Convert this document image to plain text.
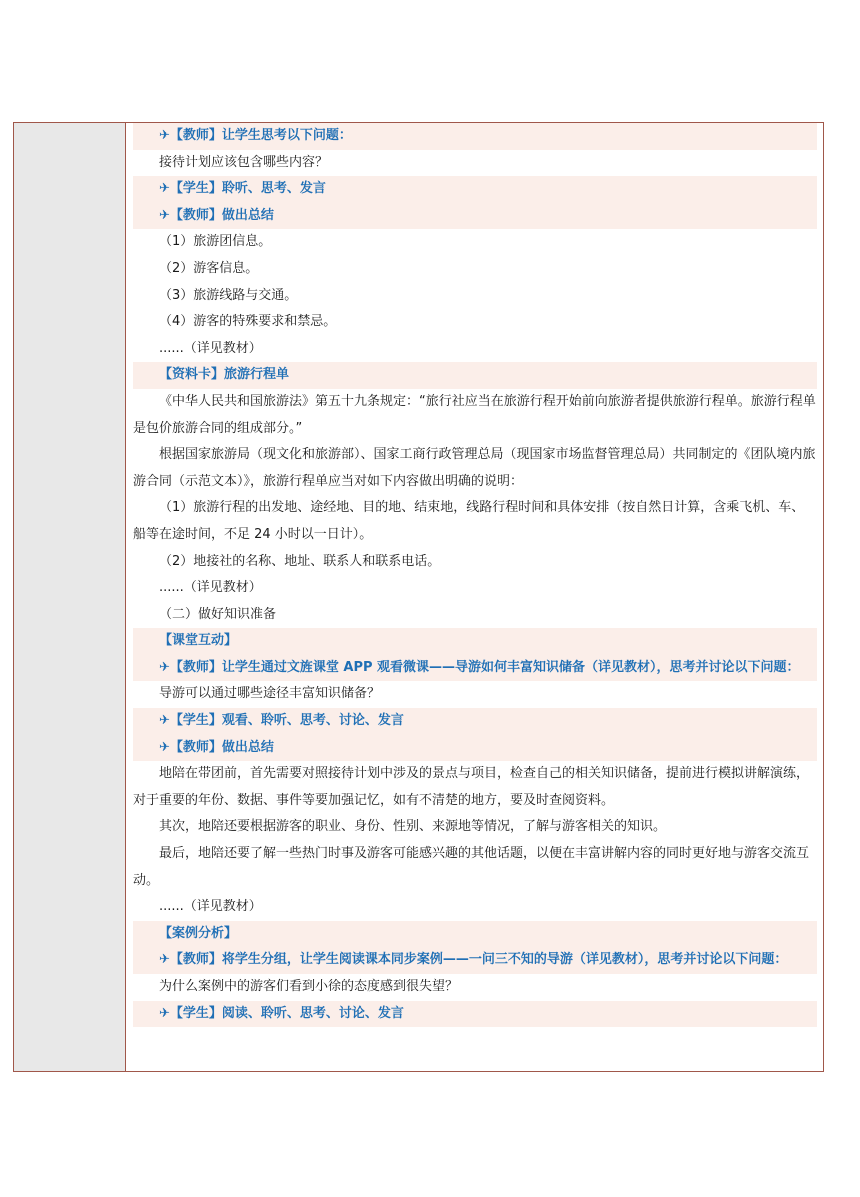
✈【教师】让学生思考以下问题：
接待计划应该包含哪些内容？
✈【学生】聆听、思考、发言
✈【教师】做出总结
（1）旅游团信息。
（2）游客信息。
（3）旅游线路与交通。
（4）游客的特殊要求和禁忌。
......（详见教材）
【资料卡】旅游行程单
《中华人民共和国旅游法》第五十九条规定：“旅行社应当在旅游行程开始前向旅游者提供旅游行程单。旅游行程单是包价旅游合同的组成部分。”
根据国家旅游局（现文化和旅游部）、国家工商行政管理总局（现国家市场监督管理总局）共同制定的《团队境内旅游合同（示范文本）》，旅游行程单应当对如下内容做出明确的说明：
（1）旅游行程的出发地、途经地、目的地、结束地，线路行程时间和具体安排（按自然日计算，含乘飞机、车、船等在途时间，不足 24 小时以一日计）。
（2）地接社的名称、地址、联系人和联系电话。
......（详见教材）
（二）做好知识准备
【课堂互动】
✈【教师】让学生通过文旌课堂 APP 观看微课——导游如何丰富知识储备（详见教材），思考并讨论以下问题：
导游可以通过哪些途径丰富知识储备？
✈【学生】观看、聆听、思考、讨论、发言
✈【教师】做出总结
地陪在带团前，首先需要对照接待计划中涉及的景点与项目，检查自己的相关知识储备，提前进行模拟讲解演练，对于重要的年份、数据、事件等要加强记忆，如有不清楚的地方，要及时查阅资料。
其次，地陪还要根据游客的职业、身份、性别、来源地等情况，了解与游客相关的知识。
最后，地陪还要了解一些热门时事及游客可能感兴趣的其他话题，以便在丰富讲解内容的同时更好地与游客交流互动。
......（详见教材）
【案例分析】
✈【教师】将学生分组，让学生阅读课本同步案例——一问三不知的导游（详见教材），思考并讨论以下问题：
为什么案例中的游客们看到小徐的态度感到很失望？
✈【学生】阅读、聆听、思考、讨论、发言
